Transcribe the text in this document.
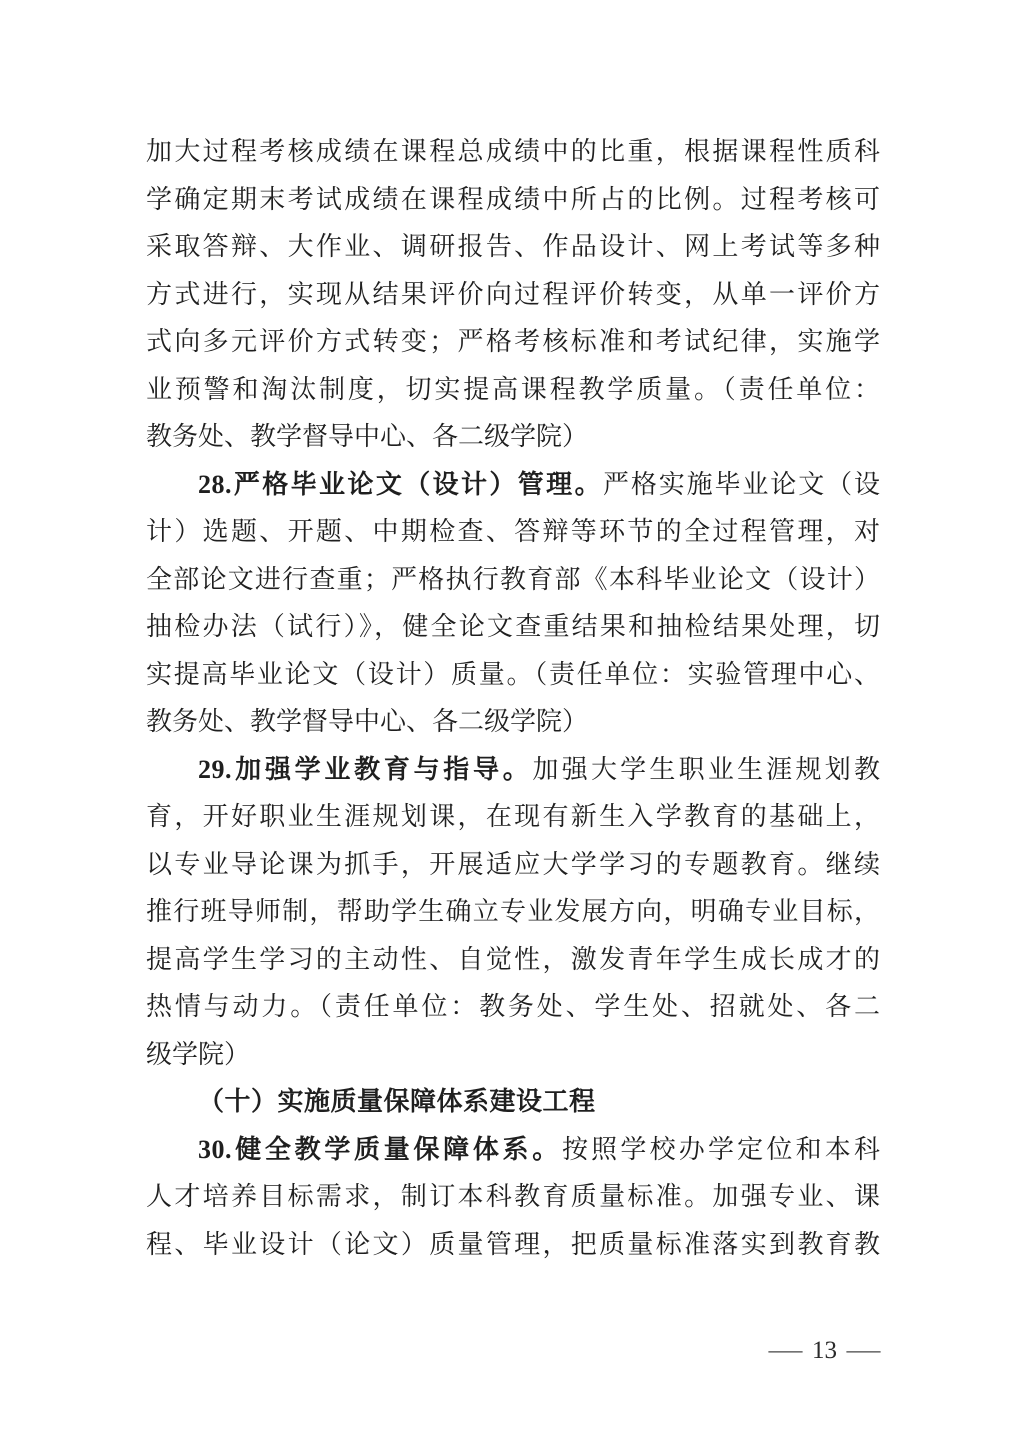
加大过程考核成绩在课程总成绩中的比重，根据课程性质科
学确定期末考试成绩在课程成绩中所占的比例。过程考核可
采取答辩、大作业、调研报告、作品设计、网上考试等多种
方式进行，实现从结果评价向过程评价转变，从单一评价方
式向多元评价方式转变；严格考核标准和考试纪律，实施学
业预警和淘汰制度，切实提高课程教学质量。（责任单位：
教务处、教学督导中心、各二级学院）
28.严格毕业论文（设计）管理。严格实施毕业论文（设
计）选题、开题、中期检查、答辩等环节的全过程管理，对
全部论文进行查重；严格执行教育部《本科毕业论文（设计）
抽检办法（试行）》，健全论文查重结果和抽检结果处理，切
实提高毕业论文（设计）质量。（责任单位：实验管理中心、
教务处、教学督导中心、各二级学院）
29.加强学业教育与指导。加强大学生职业生涯规划教
育，开好职业生涯规划课，在现有新生入学教育的基础上，
以专业导论课为抓手，开展适应大学学习的专题教育。继续
推行班导师制，帮助学生确立专业发展方向，明确专业目标，
提高学生学习的主动性、自觉性，激发青年学生成长成才的
热情与动力。（责任单位：教务处、学生处、招就处、各二
级学院）
（十）实施质量保障体系建设工程
30.健全教学质量保障体系。按照学校办学定位和本科
人才培养目标需求，制订本科教育质量标准。加强专业、课
程、毕业设计（论文）质量管理，把质量标准落实到教育教
— 13 —
